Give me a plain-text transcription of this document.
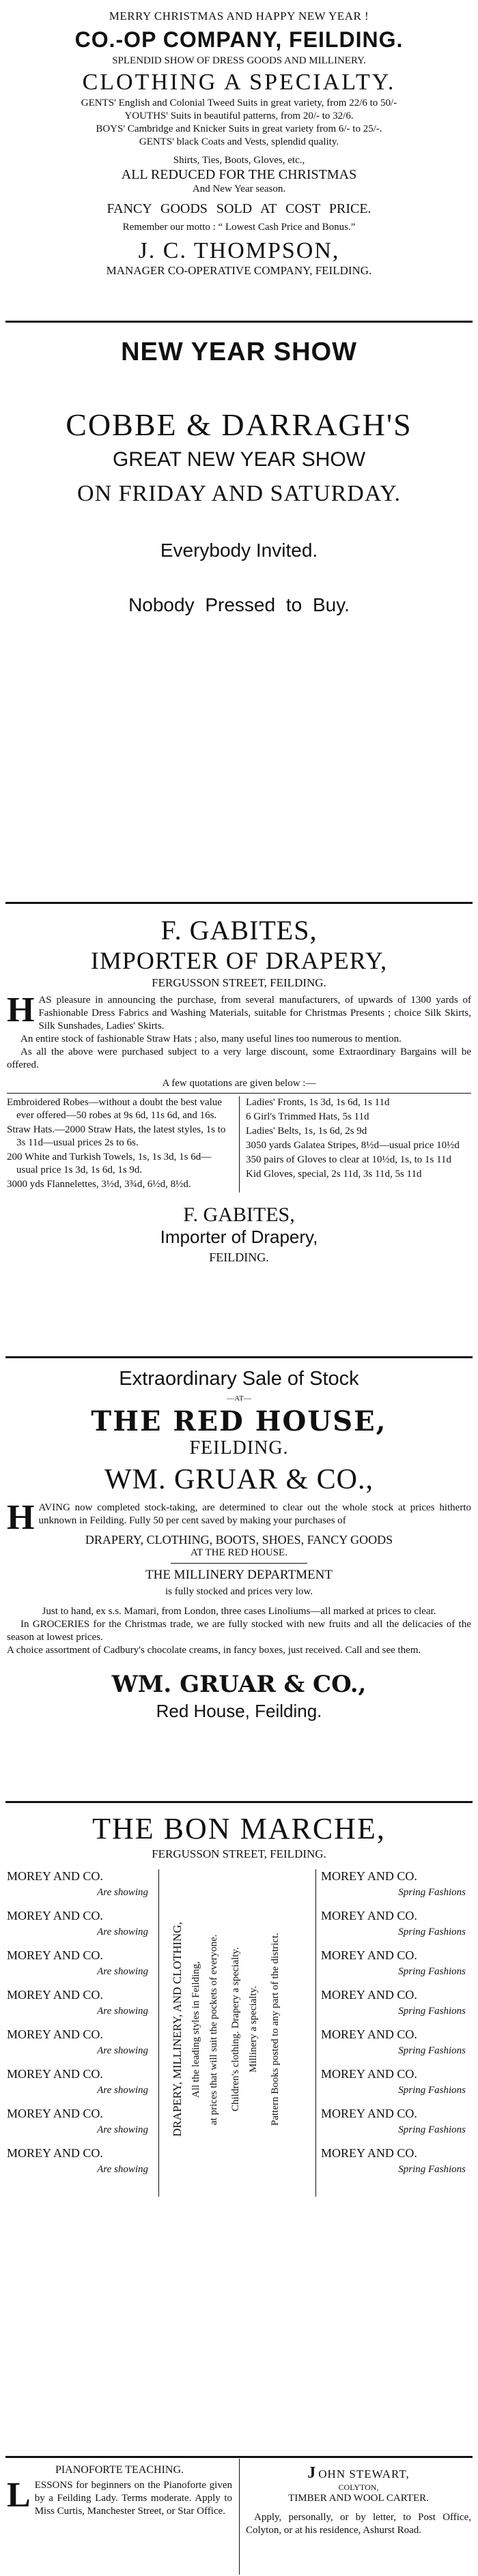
MERRY CHRISTMAS AND HAPPY NEW YEAR !

CO.-OP COMPANY, FEILDING.

SPLENDID SHOW OF DRESS GOODS AND MILLINERY.

CLOTHING A SPECIALTY.

GENTS' English and Colonial Tweed Suits in great variety, from 22/6 to 50/-

YOUTHS' Suits in beautiful patterns, from 20/- to 32/6.

BOYS' Cambridge and Knicker Suits in great variety from 6/- to 25/-.

GENTS' black Coats and Vests, splendid quality.

Shirts, Ties, Boots, Gloves, etc.,

ALL REDUCED FOR THE CHRISTMAS

And New Year season.

FANCY GOODS SOLD AT COST PRICE.

Remember our motto : “ Lowest Cash Price and Bonus.”

J. C. THOMPSON,

MANAGER CO-OPERATIVE COMPANY, FEILDING.

NEW YEAR SHOW

COBBE & DARRAGH'S

GREAT NEW YEAR SHOW

ON FRIDAY AND SATURDAY.

Everybody Invited.

Nobody Pressed to Buy.

F. GABITES,

IMPORTER OF DRAPERY,

FERGUSSON STREET, FEILDING.

H AS pleasure in announcing the purchase, from several manufacturers, of upwards of 1300 yards of Fashionable Dress Fabrics and Washing Materials, suitable for Christmas Presents ; choice Silk Skirts, Silk Sunshades, Ladies' Skirts.

An entire stock of fashionable Straw Hats ; also, many useful lines too numerous to mention.

As all the above were purchased subject to a very large discount, some Extraordinary Bargains will be offered.

A few quotations are given below :—

Embroidered Robes—without a doubt the best value ever offered—50 robes at 9s 6d, 11s 6d, and 16s.

Straw Hats.—2000 Straw Hats, the latest styles, 1s to 3s 11d—usual prices 2s to 6s.

200 White and Turkish Towels, 1s, 1s 3d, 1s 6d—usual price 1s 3d, 1s 6d, 1s 9d.

3000 yds Flannelettes, 3½d, 3¾d, 6½d, 8½d.

Ladies' Fronts, 1s 3d, 1s 6d, 1s 11d

6 Girl's Trimmed Hats, 5s 11d

Ladies' Belts, 1s, 1s 6d, 2s 9d

3050 yards Galatea Stripes, 8½d—usual price 10½d

350 pairs of Gloves to clear at 10½d, 1s, to 1s 11d

Kid Gloves, special, 2s 11d, 3s 11d, 5s 11d

F. GABITES,

Importer of Drapery,

FEILDING.

Extraordinary Sale of Stock

—AT—

THE RED HOUSE,

FEILDING.

WM. GRUAR & CO.,

H AVING now completed stock-taking, are determined to clear out the whole stock at prices hitherto unknown in Feilding. Fully 50 per cent saved by making your purchases of

DRAPERY, CLOTHING, BOOTS, SHOES, FANCY GOODS

AT THE RED HOUSE.

THE MILLINERY DEPARTMENT

is fully stocked and prices very low.

Just to hand, ex s.s. Mamari, from London, three cases Linoliums—all marked at prices to clear.

In GROCERIES for the Christmas trade, we are fully stocked with new fruits and all the delicacies of the season at lowest prices.

A choice assortment of Cadbury's chocolate creams, in fancy boxes, just received. Call and see them.

WM. GRUAR & CO.,

Red House, Feilding.

THE BON MARCHE,

FERGUSSON STREET, FEILDING.

MOREY AND CO.
Are showing
MOREY AND CO.
Are showing
MOREY AND CO.
Are showing
MOREY AND CO.
Are showing
MOREY AND CO.
Are showing
MOREY AND CO.
Are showing
MOREY AND CO.
Are showing
MOREY AND CO.
Are showing
DRAPERY, MILLINERY, AND CLOTHING, All the leading styles in Feilding, at prices that will suit the pockets of everyone. Children's clothing. Drapery a specialty. Millinery a specialty. Pattern Books posted to any part of the district.
MOREY AND CO.
Spring Fashions
MOREY AND CO.
Spring Fashions
MOREY AND CO.
Spring Fashions
MOREY AND CO.
Spring Fashions
MOREY AND CO.
Spring Fashions
MOREY AND CO.
Spring Fashions
MOREY AND CO.
Spring Fashions
MOREY AND CO.
Spring Fashions

PIANOFORTE TEACHING.

L ESSONS for beginners on the Pianoforte given by a Feilding Lady. Terms moderate. Apply to Miss Curtis, Manchester Street, or Star Office.
J OHN STEWART,

COLYTON,

TIMBER AND WOOL CARTER.

Apply, personally, or by letter, to Post Office, Colyton, or at his residence, Ashurst Road.
